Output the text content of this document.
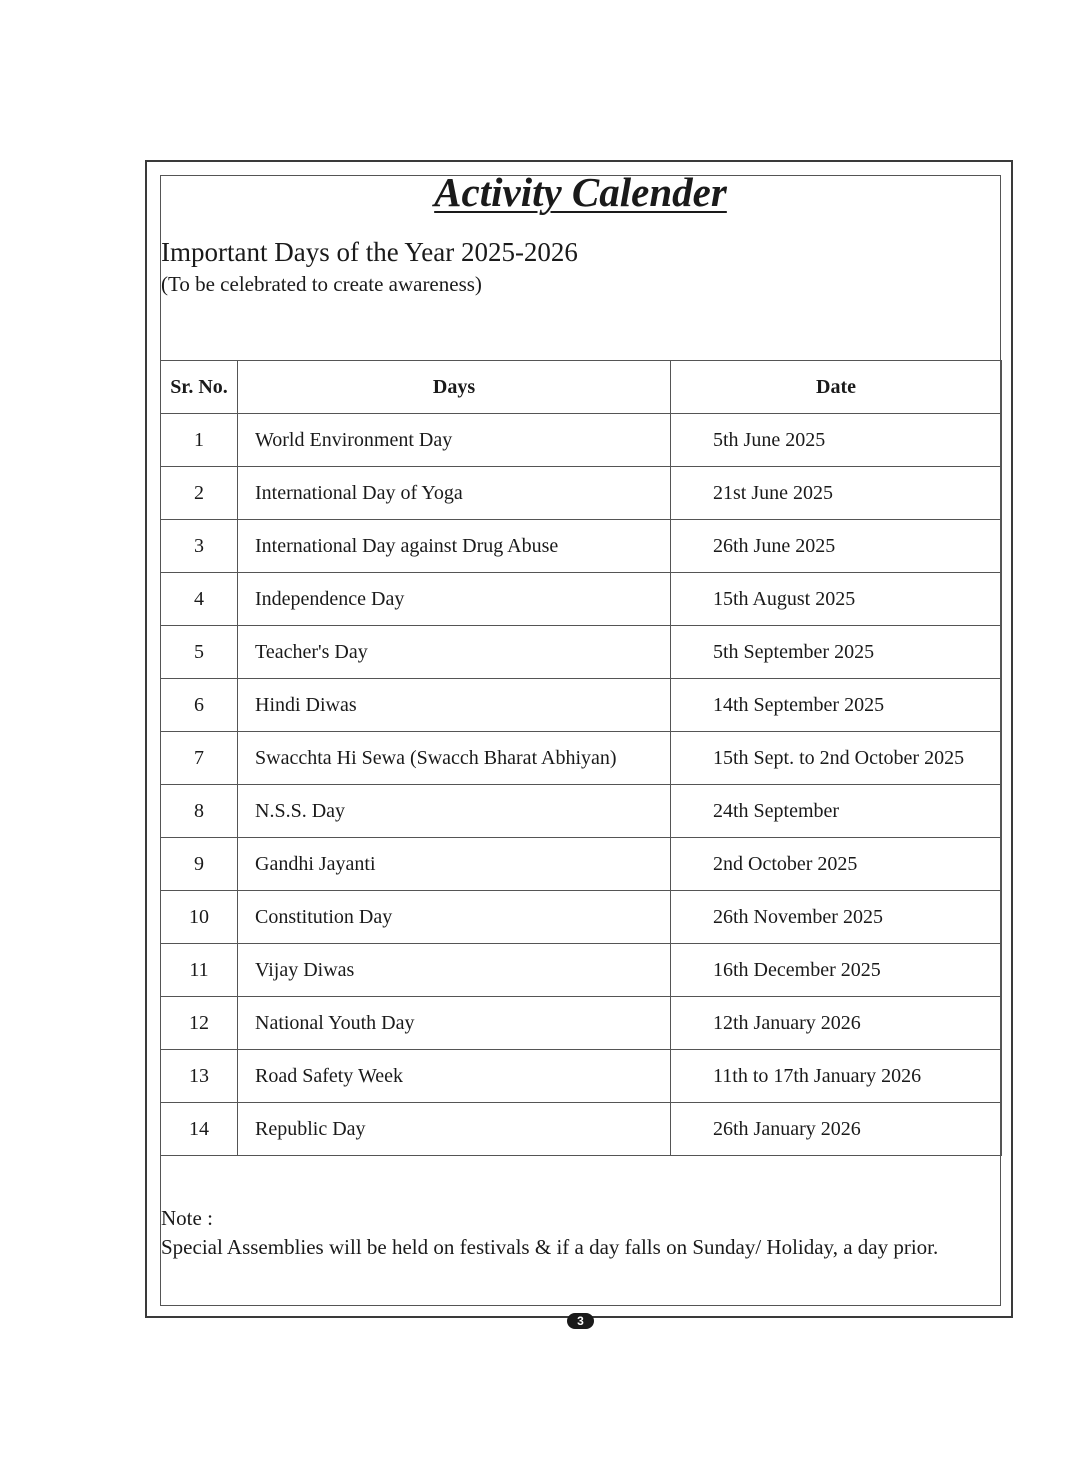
Activity Calender
Important Days of the Year 2025-2026
(To be celebrated to create awareness)
Sr. No.	Days	Date
1	World Environment Day	5th June 2025
2	International Day of Yoga	21st June 2025
3	International Day against Drug Abuse	26th June 2025
4	Independence Day	15th August 2025
5	Teacher's Day	5th September 2025
6	Hindi Diwas	14th September 2025
7	Swacchta Hi Sewa (Swacch Bharat Abhiyan)	15th Sept. to 2nd October 2025
8	N.S.S. Day	24th September
9	Gandhi Jayanti	2nd October 2025
10	Constitution Day	26th November 2025
11	Vijay Diwas	16th December 2025
12	National Youth Day	12th January 2026
13	Road Safety Week	11th to 17th January 2026
14	Republic Day	26th January 2026
Note :
Special Assemblies will be held on festivals & if a day falls on Sunday/ Holiday, a day prior.
3
